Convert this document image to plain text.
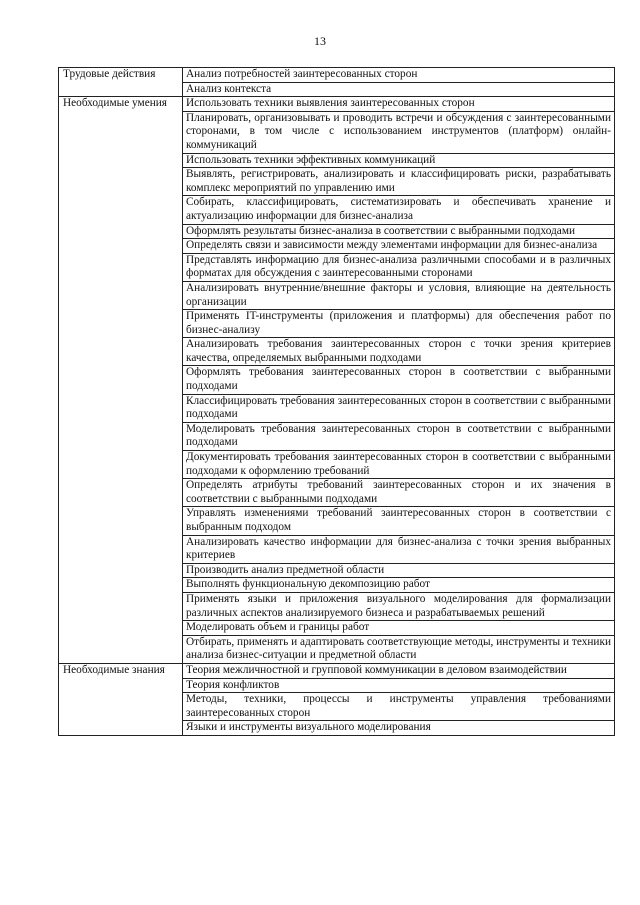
13
Трудовые действия	Анализ потребностей заинтересованных сторон
	Анализ контекста
Необходимые умения	Использовать техники выявления заинтересованных сторон
	Планировать, организовывать и проводить встречи и обсуждения с заинтересованными сторонами, в том числе с использованием инструментов (платформ) онлайн-коммуникаций
	Использовать техники эффективных коммуникаций
	Выявлять, регистрировать, анализировать и классифицировать риски, разрабатывать комплекс мероприятий по управлению ими
	Собирать, классифицировать, систематизировать и обеспечивать хранение и актуализацию информации для бизнес-анализа
	Оформлять результаты бизнес-анализа в соответствии с выбранными подходами
	Определять связи и зависимости между элементами информации для бизнес-анализа
	Представлять информацию для бизнес-анализа различными способами и в различных форматах для обсуждения с заинтересованными сторонами
	Анализировать внутренние/внешние факторы и условия, влияющие на деятельность организации
	Применять IT-инструменты (приложения и платформы) для обеспечения работ по бизнес-анализу
	Анализировать требования заинтересованных сторон с точки зрения критериев качества, определяемых выбранными подходами
	Оформлять требования заинтересованных сторон в соответствии с выбранными подходами
	Классифицировать требования заинтересованных сторон в соответствии с выбранными подходами
	Моделировать требования заинтересованных сторон в соответствии с выбранными подходами
	Документировать требования заинтересованных сторон в соответствии с выбранными подходами к оформлению требований
	Определять атрибуты требований заинтересованных сторон и их значения в соответствии с выбранными подходами
	Управлять изменениями требований заинтересованных сторон в соответствии с выбранным подходом
	Анализировать качество информации для бизнес-анализа с точки зрения выбранных критериев
	Производить анализ предметной области
	Выполнять функциональную декомпозицию работ
	Применять языки и приложения визуального моделирования для формализации различных аспектов анализируемого бизнеса и разрабатываемых решений
	Моделировать объем и границы работ
	Отбирать, применять и адаптировать соответствующие методы, инструменты и техники анализа бизнес-ситуации и предметной области
Необходимые знания	Теория межличностной и групповой коммуникации в деловом взаимодействии
	Теория конфликтов
	Методы, техники, процессы и инструменты управления требованиями заинтересованных сторон
	Языки и инструменты визуального моделирования
